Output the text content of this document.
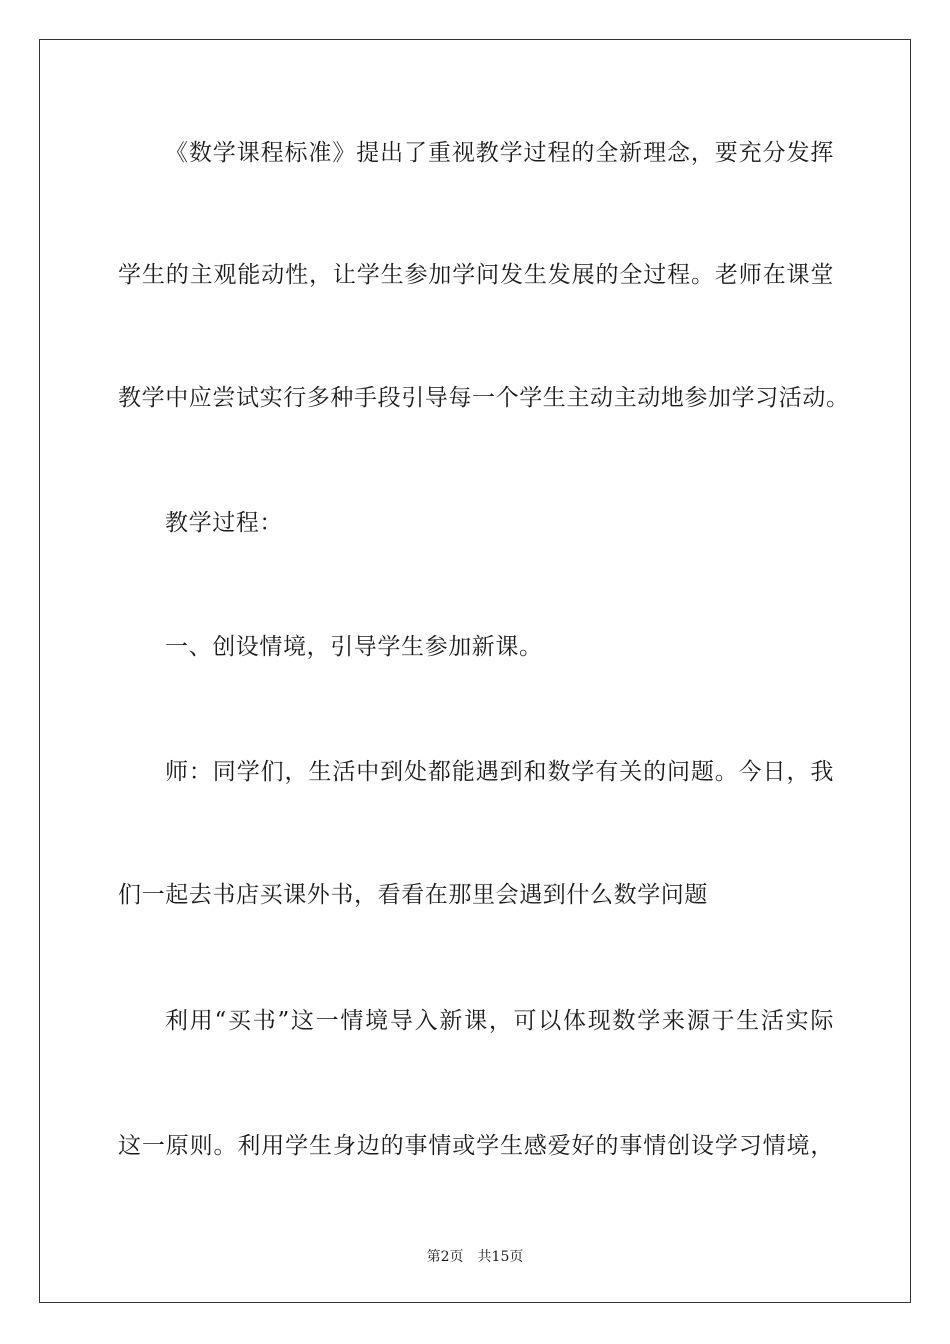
《数学课程标准》提出了重视教学过程的全新理念，要充分发挥
学生的主观能动性，让学生参加学问发生发展的全过程。老师在课堂
教学中应尝试实行多种手段引导每一个学生主动主动地参加学习活动。
教学过程：
一、创设情境，引导学生参加新课。
师：同学们，生活中到处都能遇到和数学有关的问题。今日，我
们一起去书店买课外书，看看在那里会遇到什么数学问题
利用“买书”这一情境导入新课，可以体现数学来源于生活实际
这一原则。利用学生身边的事情或学生感爱好的事情创设学习情境，
第2页 共15页
